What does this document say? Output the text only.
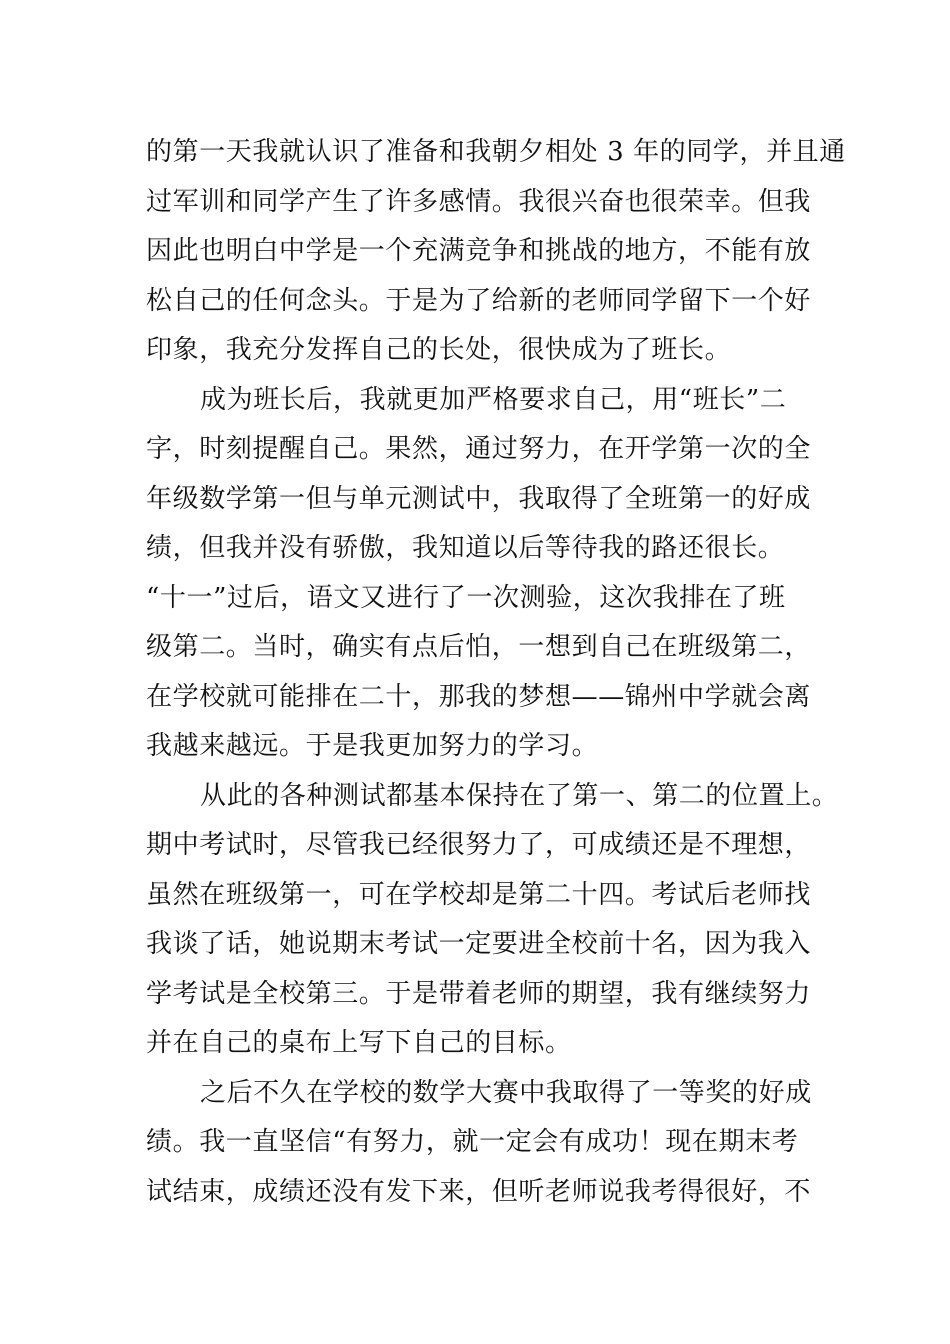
的第一天我就认识了准备和我朝夕相处 3 年的同学，并且通
过军训和同学产生了许多感情。我很兴奋也很荣幸。但我
因此也明白中学是一个充满竞争和挑战的地方，不能有放
松自己的任何念头。于是为了给新的老师同学留下一个好
印象，我充分发挥自己的长处，很快成为了班长。
成为班长后，我就更加严格要求自己，用“班长”二
字，时刻提醒自己。果然，通过努力，在开学第一次的全
年级数学第一但与单元测试中，我取得了全班第一的好成
绩，但我并没有骄傲，我知道以后等待我的路还很长。
“十一”过后，语文又进行了一次测验，这次我排在了班
级第二。当时，确实有点后怕，一想到自己在班级第二，
在学校就可能排在二十，那我的梦想——锦州中学就会离
我越来越远。于是我更加努力的学习。
从此的各种测试都基本保持在了第一、第二的位置上。
期中考试时，尽管我已经很努力了，可成绩还是不理想，
虽然在班级第一，可在学校却是第二十四。考试后老师找
我谈了话，她说期末考试一定要进全校前十名，因为我入
学考试是全校第三。于是带着老师的期望，我有继续努力
并在自己的桌布上写下自己的目标。
之后不久在学校的数学大赛中我取得了一等奖的好成
绩。我一直坚信“有努力，就一定会有成功！现在期末考
试结束，成绩还没有发下来，但听老师说我考得很好，不
